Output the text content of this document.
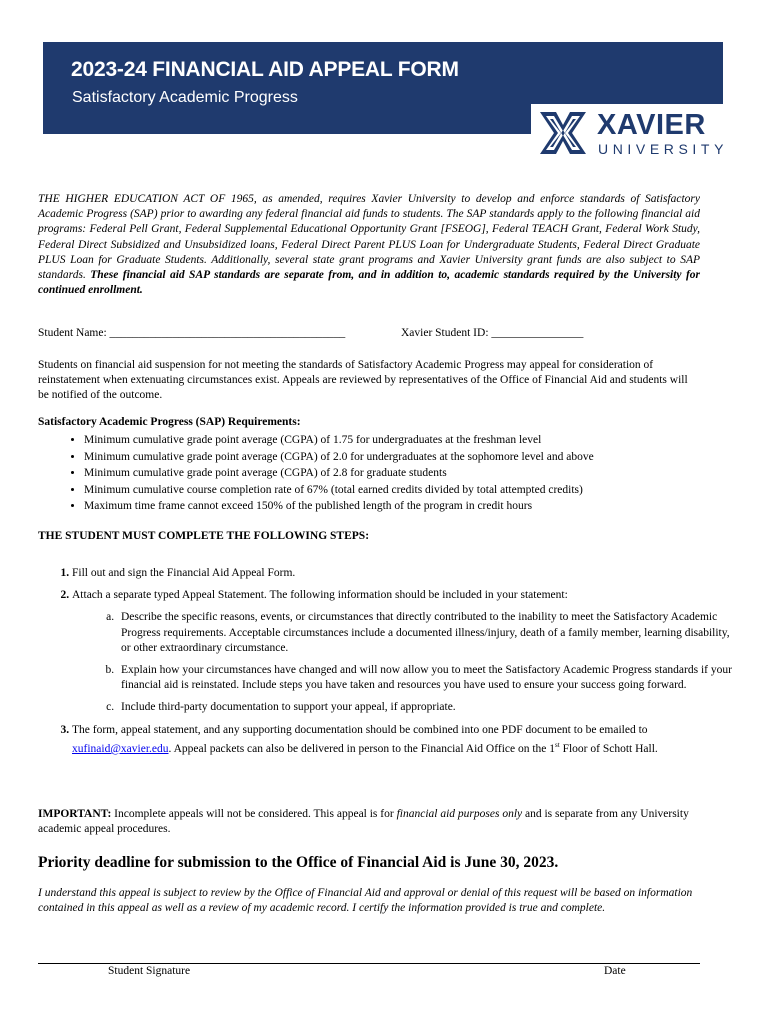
2023-24 FINANCIAL AID APPEAL FORM
Satisfactory Academic Progress
XAVIER
UNIVERSITY
THE HIGHER EDUCATION ACT OF 1965, as amended, requires Xavier University to develop and enforce standards of Satisfactory Academic Progress (SAP) prior to awarding any federal financial aid funds to students. The SAP standards apply to the following financial aid programs: Federal Pell Grant, Federal Supplemental Educational Opportunity Grant [FSEOG], Federal TEACH Grant, Federal Work Study, Federal Direct Subsidized and Unsubsidized loans, Federal Direct Parent PLUS Loan for Undergraduate Students, Federal Direct Graduate PLUS Loan for Graduate Students. Additionally, several state grant programs and Xavier University grant funds are also subject to SAP standards. These financial aid SAP standards are separate from, and in addition to, academic standards required by the University for continued enrollment.
Student Name: _________________________________________	Xavier Student ID: ________________
Students on financial aid suspension for not meeting the standards of Satisfactory Academic Progress may appeal for consideration of reinstatement when extenuating circumstances exist. Appeals are reviewed by representatives of the Office of Financial Aid and students will be notified of the outcome.
Satisfactory Academic Progress (SAP) Requirements:
• Minimum cumulative grade point average (CGPA) of 1.75 for undergraduates at the freshman level
• Minimum cumulative grade point average (CGPA) of 2.0 for undergraduates at the sophomore level and above
• Minimum cumulative grade point average (CGPA) of 2.8 for graduate students
• Minimum cumulative course completion rate of 67% (total earned credits divided by total attempted credits)
• Maximum time frame cannot exceed 150% of the published length of the program in credit hours
THE STUDENT MUST COMPLETE THE FOLLOWING STEPS:
1. Fill out and sign the Financial Aid Appeal Form.
2. Attach a separate typed Appeal Statement. The following information should be included in your statement:
a. Describe the specific reasons, events, or circumstances that directly contributed to the inability to meet the Satisfactory Academic Progress requirements. Acceptable circumstances include a documented illness/injury, death of a family member, learning disability, or other extraordinary circumstance.
b. Explain how your circumstances have changed and will now allow you to meet the Satisfactory Academic Progress standards if your financial aid is reinstated. Include steps you have taken and resources you have used to ensure your success going forward.
c. Include third-party documentation to support your appeal, if appropriate.
3. The form, appeal statement, and any supporting documentation should be combined into one PDF document to be emailed to xufinaid@xavier.edu. Appeal packets can also be delivered in person to the Financial Aid Office on the 1st Floor of Schott Hall.
IMPORTANT: Incomplete appeals will not be considered. This appeal is for financial aid purposes only and is separate from any University academic appeal procedures.
Priority deadline for submission to the Office of Financial Aid is June 30, 2023.
I understand this appeal is subject to review by the Office of Financial Aid and approval or denial of this request will be based on information contained in this appeal as well as a review of my academic record. I certify the information provided is true and complete.
Student Signature	Date
